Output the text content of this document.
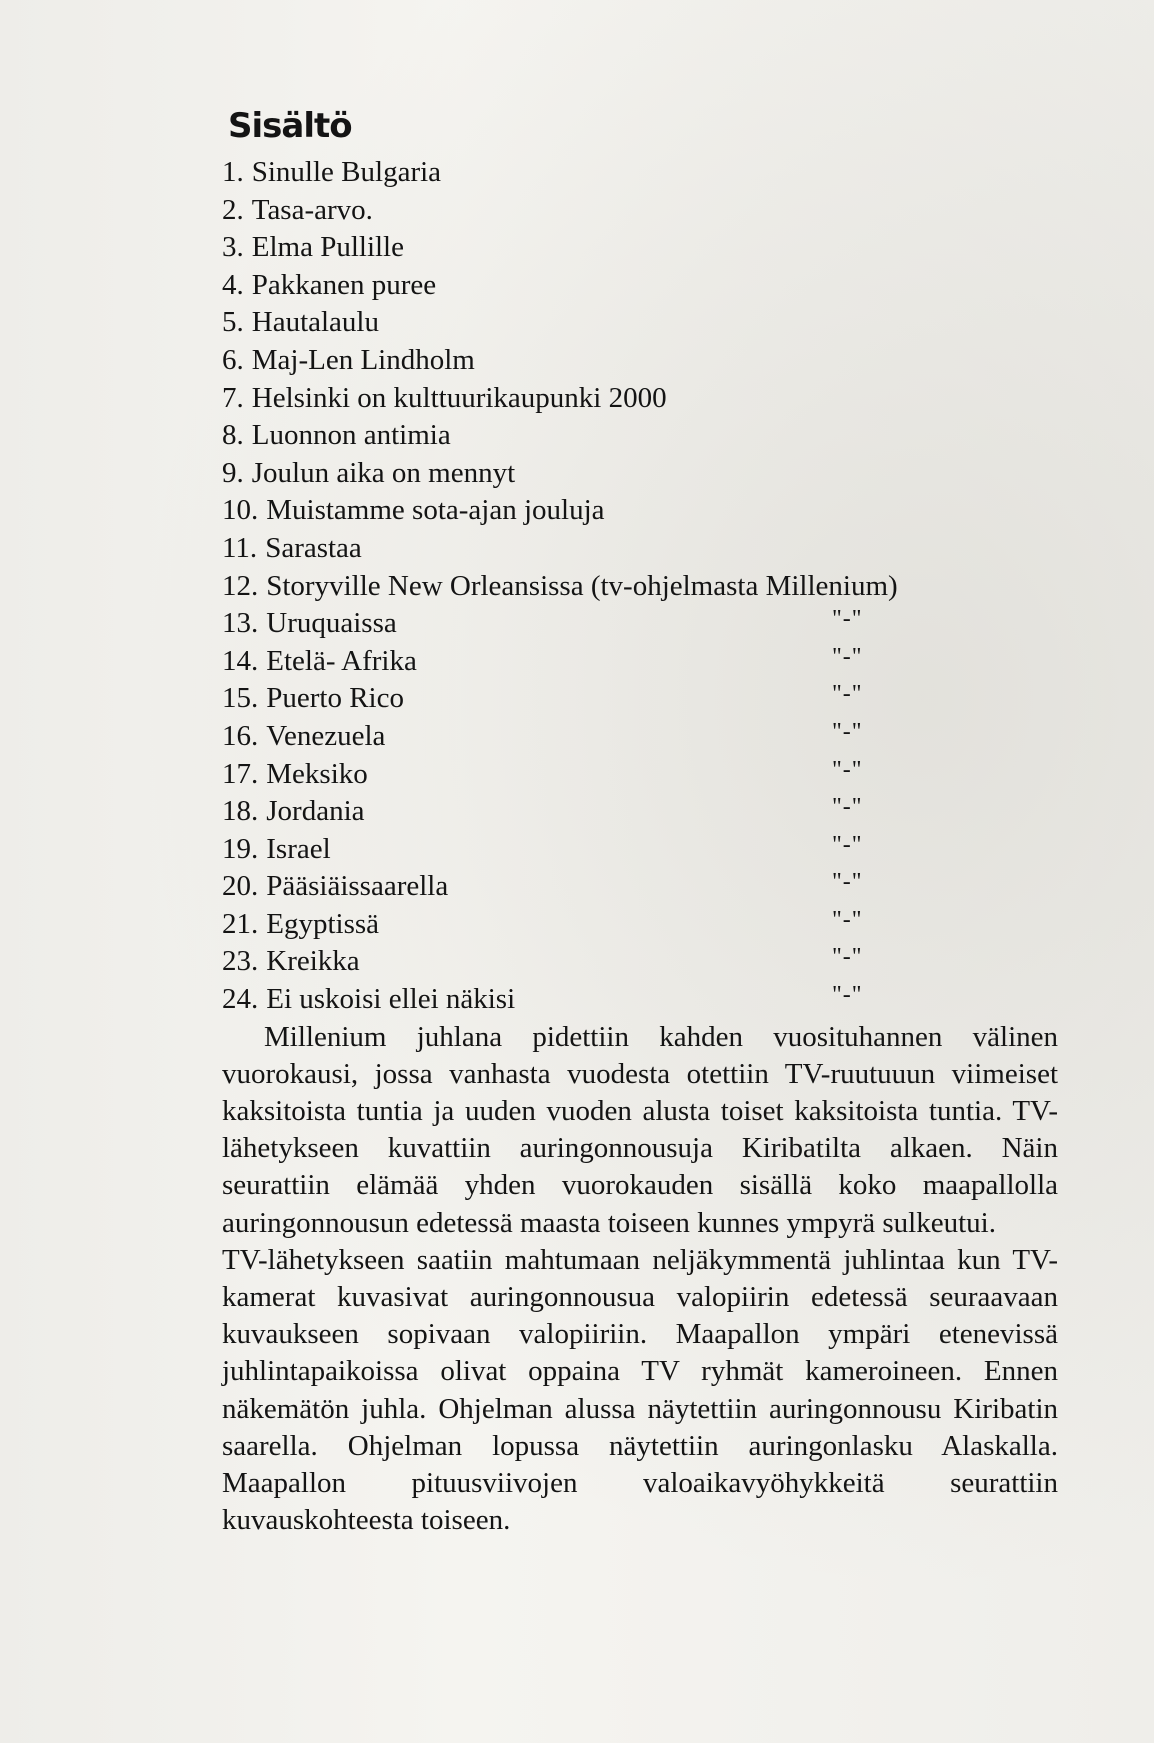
Sisältö
1. Sinulle Bulgaria
2. Tasa-arvo.
3. Elma Pullille
4. Pakkanen puree
5. Hautalaulu
6. Maj-Len Lindholm
7. Helsinki on kulttuurikaupunki 2000
8. Luonnon antimia
9. Joulun aika on mennyt
10. Muistamme sota-ajan jouluja
11. Sarastaa
12. Storyville New Orleansissa (tv-ohjelmasta Millenium)
13. Uruquaissa	"-"
14. Etelä- Afrika	"-"
15. Puerto Rico	"-"
16. Venezuela	"-"
17. Meksiko	"-"
18. Jordania	"-"
19. Israel	"-"
20. Pääsiäissaarella	"-"
21. Egyptissä	"-"
23. Kreikka	"-"
24. Ei uskoisi ellei näkisi	"-"

Millenium juhlana pidettiin kahden vuosituhannen välinen vuorokausi, jossa vanhasta vuodesta otettiin TV-ruutuuun viimeiset kaksitoista tuntia ja uuden vuoden alusta toiset kaksitoista tuntia. TV-lähetykseen kuvattiin auringonnousuja Kiribatilta alkaen. Näin seurattiin elämää yhden vuorokauden sisällä koko maapallolla auringonnousun edetessä maasta toiseen kunnes ympyrä sulkeutui.

TV-lähetykseen saatiin mahtumaan neljäkymmentä juhlintaa kun TV-kamerat kuvasivat auringonnousua valopiirin edetessä seuraavaan kuvaukseen sopivaan valopiiriin. Maapallon ympäri etenevissä juhlintapaikoissa olivat oppaina TV ryhmät kameroineen. Ennen näkemätön juhla. Ohjelman alussa näytettiin auringonnousu Kiribatin saarella. Ohjelman lopussa näytettiin auringonlasku Alaskalla. Maapallon pituusviivojen valoaikavyöhykkeitä seurattiin kuvauskohteesta toiseen.
